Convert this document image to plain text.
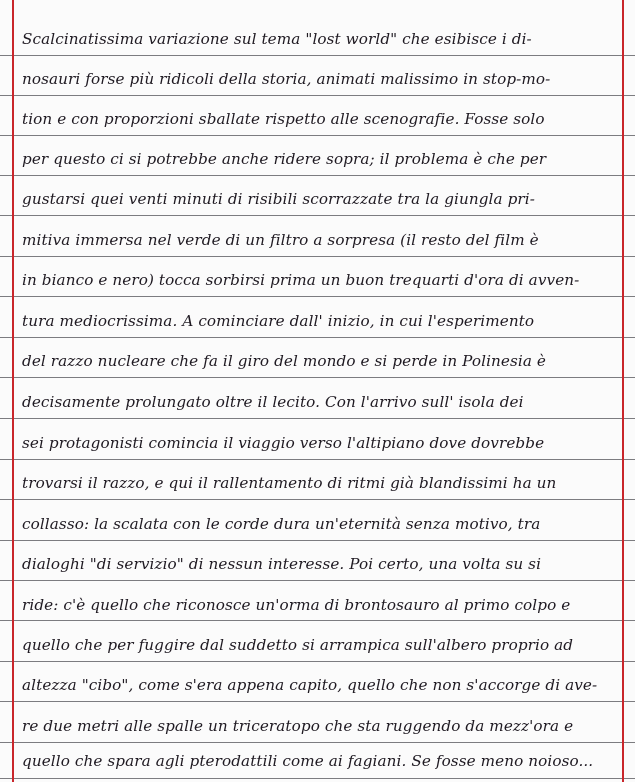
Scalcinatissima variazione sul tema "lost world" che esibisce i di-
nosauri forse più ridicoli della storia, animati malissimo in stop-mo-
tion e con proporzioni sballate rispetto alle scenografie. Fosse solo
per questo ci si potrebbe anche ridere sopra; il problema è che per
gustarsi quei venti minuti di risibili scorrazzate tra la giungla pri-
mitiva immersa nel verde di un filtro a sorpresa (il resto del film è
in bianco e nero) tocca sorbirsi prima un buon trequarti d'ora di avven-
tura mediocrissima. A cominciare dall' inizio, in cui l'esperimento
del razzo nucleare che fa il giro del mondo e si perde in Polinesia è
decisamente prolungato oltre il lecito. Con l'arrivo sull' isola dei
sei protagonisti comincia il viaggio verso l'altipiano dove dovrebbe
trovarsi il razzo, e qui il rallentamento di ritmi già blandissimi ha un
collasso: la scalata con le corde dura un'eternità senza motivo, tra
dialoghi "di servizio" di nessun interesse. Poi certo, una volta su si
ride: c'è quello che riconosce un'orma di brontosauro al primo colpo e
quello che per fuggire dal suddetto si arrampica sull'albero proprio ad
altezza "cibo", come s'era appena capito, quello che non s'accorge di ave-
re due metri alle spalle un triceratopo che sta ruggendo da mezz'ora e
quello che spara agli pterodattili come ai fagiani. Se fosse meno noioso...
